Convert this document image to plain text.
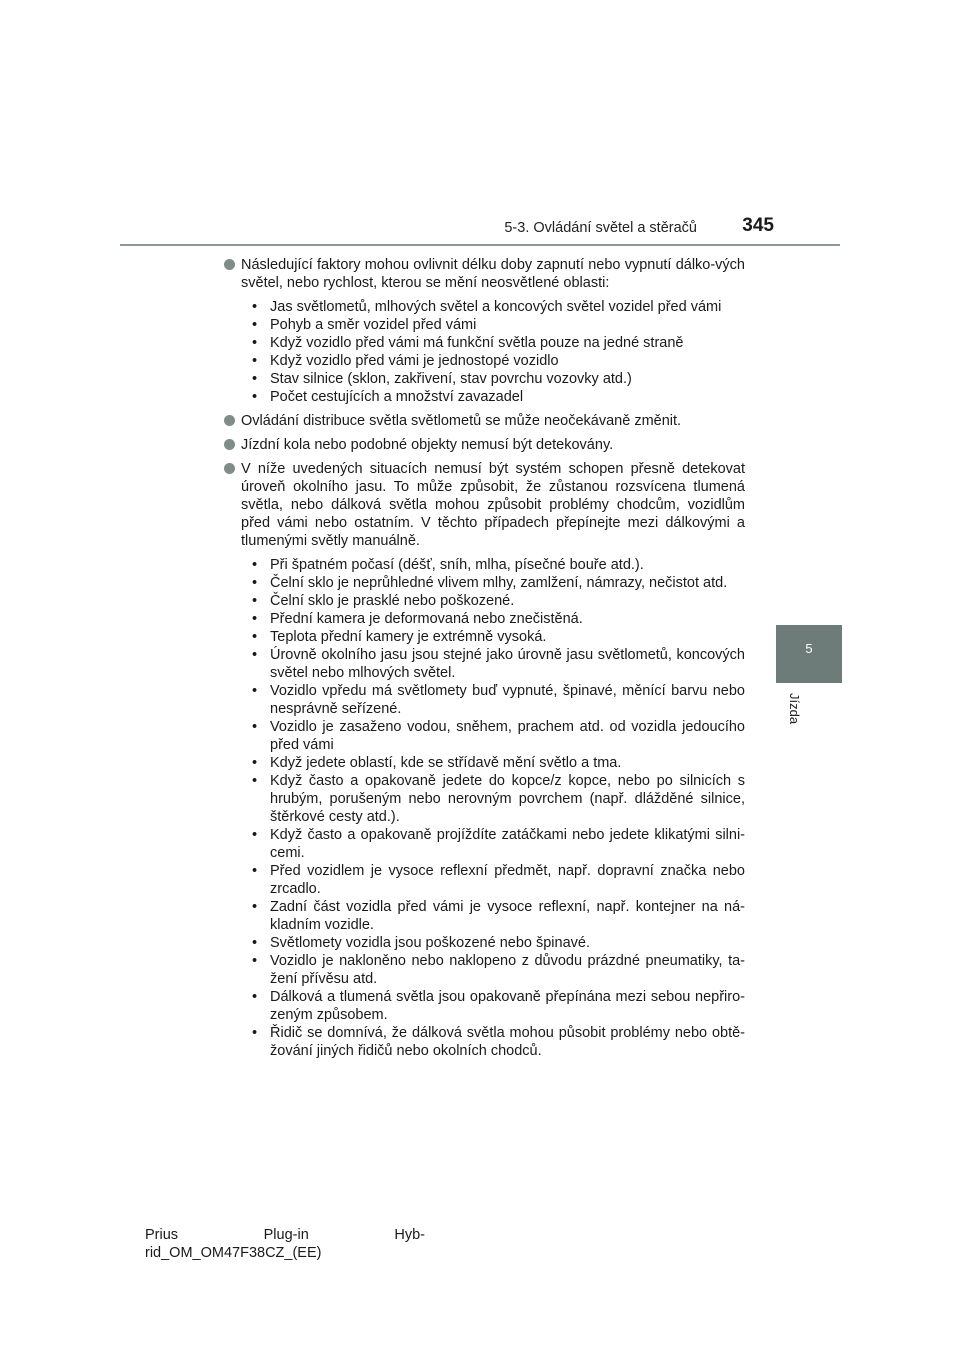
5-3. Ovládání světel a stěračů 345
5
Jízda
Následující faktory mohou ovlivnit délku doby zapnutí nebo vypnutí dálko-vých světel, nebo rychlost, kterou se mění neosvětlené oblasti:
• Jas světlometů, mlhových světel a koncových světel vozidel před vámi
• Pohyb a směr vozidel před vámi
• Když vozidlo před vámi má funkční světla pouze na jedné straně
• Když vozidlo před vámi je jednostopé vozidlo
• Stav silnice (sklon, zakřivení, stav povrchu vozovky atd.)
• Počet cestujících a množství zavazadel
Ovládání distribuce světla světlometů se může neočekávaně změnit.
Jízdní kola nebo podobné objekty nemusí být detekovány.
V níže uvedených situacích nemusí být systém schopen přesně detekovat úroveň okolního jasu. To může způsobit, že zůstanou rozsvícena tlumená světla, nebo dálková světla mohou způsobit problémy chodcům, vozidlům před vámi nebo ostatním. V těchto případech přepínejte mezi dálkovými a tlumenými světly manuálně.
• Při špatném počasí (déšť, sníh, mlha, písečné bouře atd.).
• Čelní sklo je neprůhledné vlivem mlhy, zamlžení, námrazy, nečistot atd.
• Čelní sklo je prasklé nebo poškozené.
• Přední kamera je deformovaná nebo znečistěná.
• Teplota přední kamery je extrémně vysoká.
• Úrovně okolního jasu jsou stejné jako úrovně jasu světlometů, koncových světel nebo mlhových světel.
• Vozidlo vpředu má světlomety buď vypnuté, špinavé, měnící barvu nebo nesprávně seřízené.
• Vozidlo je zasaženo vodou, sněhem, prachem atd. od vozidla jedoucího před vámi
• Když jedete oblastí, kde se střídavě mění světlo a tma.
• Když často a opakovaně jedete do kopce/z kopce, nebo po silnicích s hrubým, porušeným nebo nerovným povrchem (např. dlážděné silnice, štěrkové cesty atd.).
• Když často a opakovaně projíždíte zatáčkami nebo jedete klikatými silni-cemi.
• Před vozidlem je vysoce reflexní předmět, např. dopravní značka nebo zrcadlo.
• Zadní část vozidla před vámi je vysoce reflexní, např. kontejner na ná-kladním vozidle.
• Světlomety vozidla jsou poškozené nebo špinavé.
• Vozidlo je nakloněno nebo naklopeno z důvodu prázdné pneumatiky, ta-žení přívěsu atd.
• Dálková a tlumená světla jsou opakovaně přepínána mezi sebou nepřiro-zeným způsobem.
• Řidič se domnívá, že dálková světla mohou působit problémy nebo obtě-žování jiných řidičů nebo okolních chodců.
Prius	Plug-in	Hyb-
rid_OM_OM47F38CZ_(EE)
